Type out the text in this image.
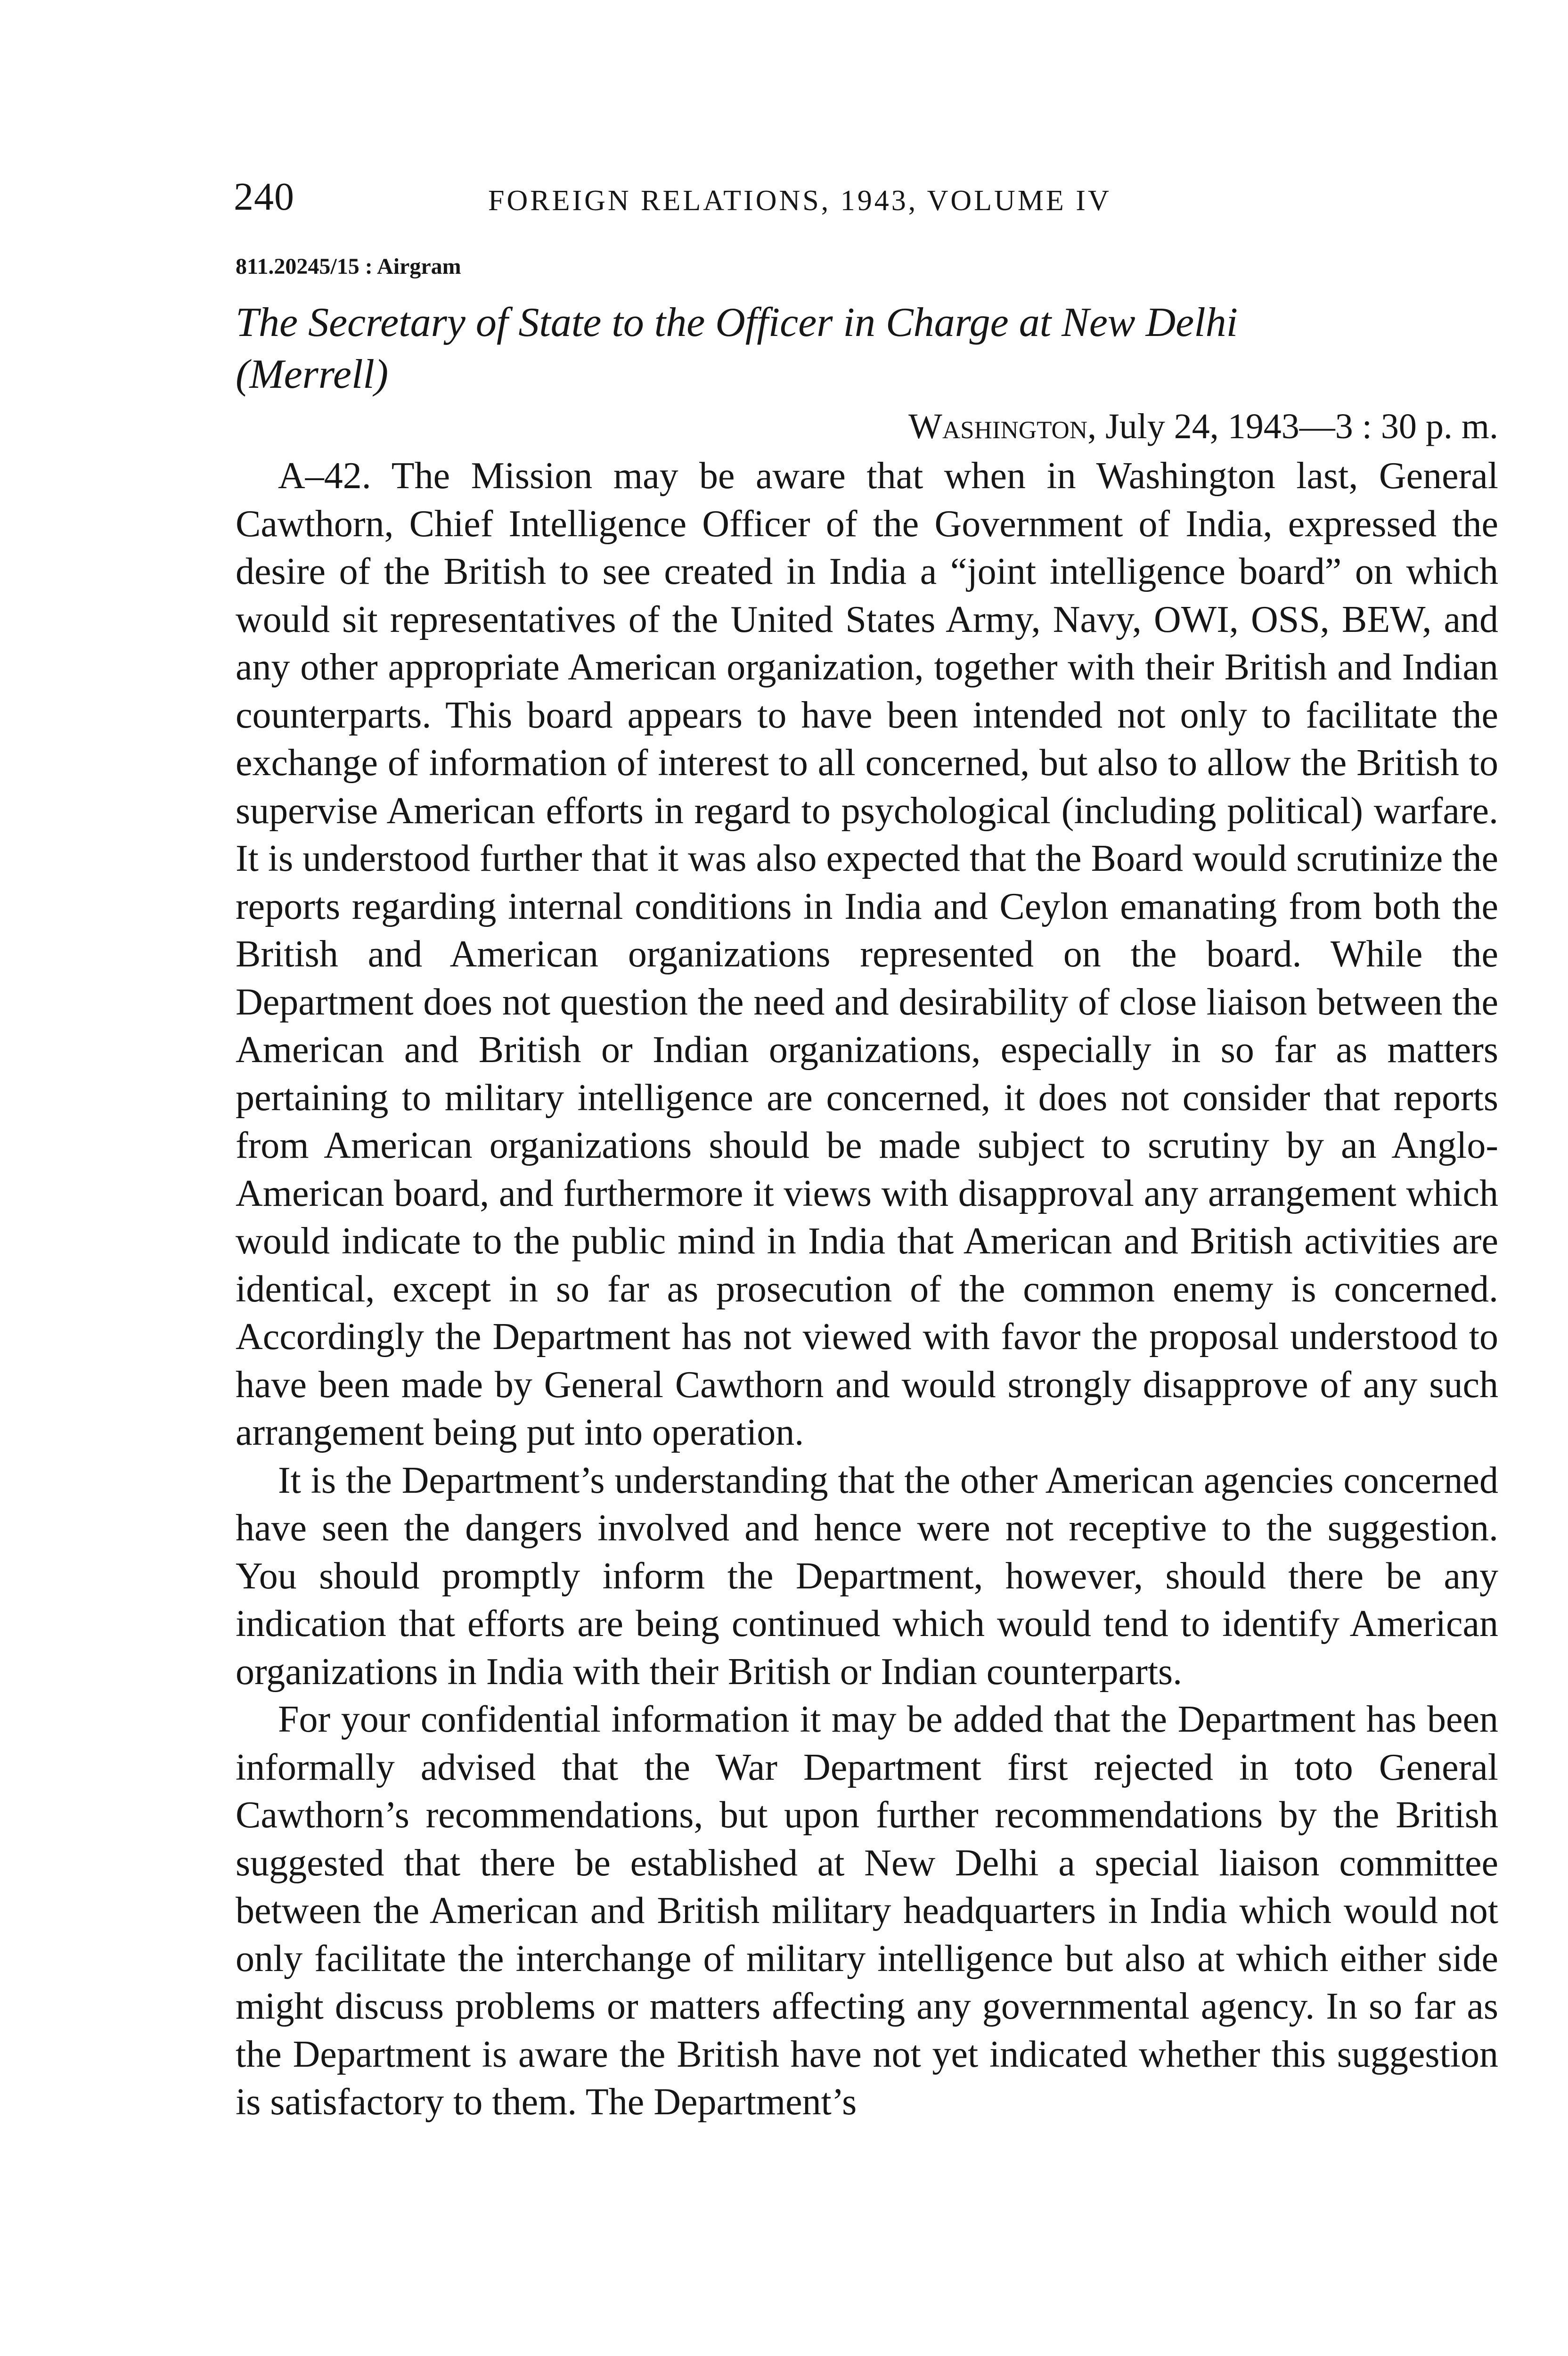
240	FOREIGN RELATIONS, 1943, VOLUME IV
811.20245/15 : Airgram
The Secretary of State to the Officer in Charge at New Delhi (Merrell)
Washington, July 24, 1943—3 : 30 p. m.

A–42. The Mission may be aware that when in Washington last, General Cawthorn, Chief Intelligence Officer of the Government of India, expressed the desire of the British to see created in India a “joint intelligence board” on which would sit representatives of the United States Army, Navy, OWI, OSS, BEW, and any other appropriate American organization, together with their British and Indian counterparts. This board appears to have been intended not only to facilitate the exchange of information of interest to all concerned, but also to allow the British to supervise American efforts in regard to psychological (including political) warfare. It is understood further that it was also expected that the Board would scrutinize the reports regarding internal conditions in India and Ceylon emanating from both the British and American organizations represented on the board. While the Department does not question the need and desirability of close liaison between the American and British or Indian organizations, especially in so far as matters pertaining to military intelligence are concerned, it does not consider that reports from American organizations should be made subject to scrutiny by an Anglo-American board, and furthermore it views with disapproval any arrangement which would indicate to the public mind in India that American and British activities are identical, except in so far as prosecution of the common enemy is concerned. Accordingly the Department has not viewed with favor the proposal understood to have been made by General Cawthorn and would strongly disapprove of any such arrangement being put into operation.

It is the Department’s understanding that the other American agencies concerned have seen the dangers involved and hence were not receptive to the suggestion. You should promptly inform the Department, however, should there be any indication that efforts are being continued which would tend to identify American organizations in India with their British or Indian counterparts.

For your confidential information it may be added that the Department has been informally advised that the War Department first rejected in toto General Cawthorn’s recommendations, but upon further recommendations by the British suggested that there be established at New Delhi a special liaison committee between the American and British military headquarters in India which would not only facilitate the interchange of military intelligence but also at which either side might discuss problems or matters affecting any governmental agency. In so far as the Department is aware the British have not yet indicated whether this suggestion is satisfactory to them. The Department’s
